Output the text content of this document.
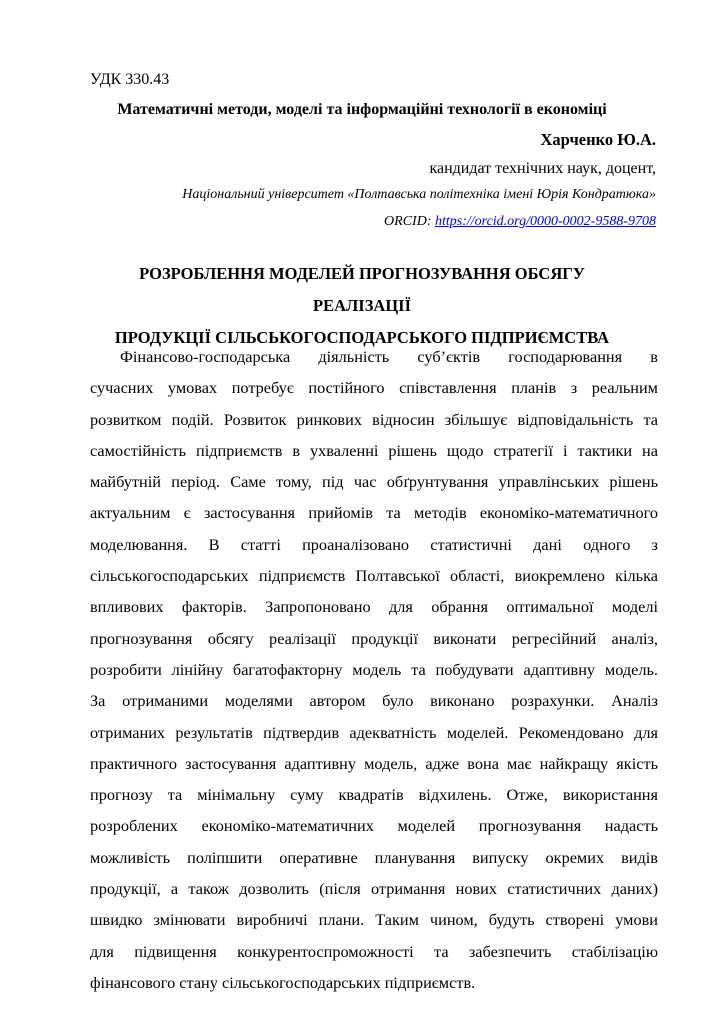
УДК 330.43
Математичні методи, моделі та інформаційні технології в економіці
Харченко Ю.А.
кандидат технічних наук, доцент,
Національний університет «Полтавська політехніка імені Юрія Кондратюка»
ORCID: https://orcid.org/0000-0002-9588-9708
РОЗРОБЛЕННЯ МОДЕЛЕЙ ПРОГНОЗУВАННЯ ОБСЯГУ РЕАЛІЗАЦІЇ
ПРОДУКЦІЇ СІЛЬСЬКОГОСПОДАРСЬКОГО ПІДПРИЄМСТВА
Фінансово-господарська діяльність суб’єктів господарювання в
сучасних умовах потребує постійного співставлення планів з реальним
розвитком подій. Розвиток ринкових відносин збільшує відповідальність та
самостійність підприємств в ухваленні рішень щодо стратегії і тактики на
майбутній період. Саме тому, під час обґрунтування управлінських рішень
актуальним є застосування прийомів та методів економіко-математичного
моделювання. В статті проаналізовано статистичні дані одного з
сільськогосподарських підприємств Полтавської області, виокремлено кілька
впливових факторів. Запропоновано для обрання оптимальної моделі
прогнозування обсягу реалізації продукції виконати регресійний аналіз,
розробити лінійну багатофакторну модель та побудувати адаптивну модель.
За отриманими моделями автором було виконано розрахунки. Аналіз
отриманих результатів підтвердив адекватність моделей. Рекомендовано для
практичного застосування адаптивну модель, адже вона має найкращу якість
прогнозу та мінімальну суму квадратів відхилень. Отже, використання
розроблених економіко-математичних моделей прогнозування надасть
можливість поліпшити оперативне планування випуску окремих видів
продукції, а також дозволить (після отримання нових статистичних даних)
швидко змінювати виробничі плани. Таким чином, будуть створені умови
для підвищення конкурентоспроможності та забезпечить стабілізацію
фінансового стану сільськогосподарських підприємств.
